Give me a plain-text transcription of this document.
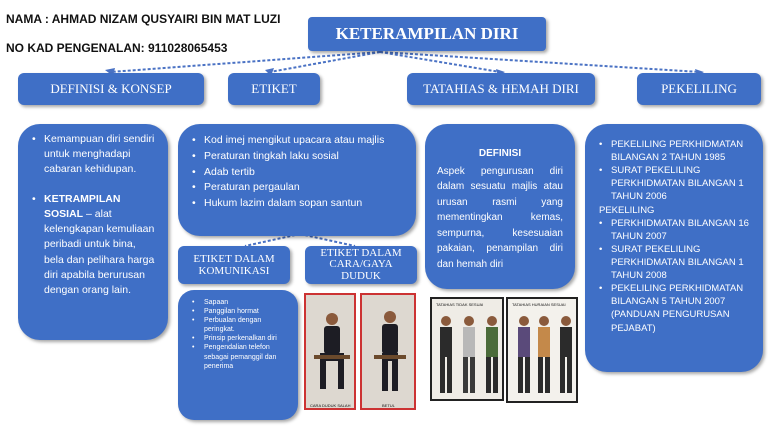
NAMA : AHMAD NIZAM QUSYAIRI BIN MAT LUZI
NO KAD PENGENALAN: 911028065453
KETERAMPILAN DIRI
DEFINISI & KONSEP	ETIKET	TATAHIAS & HEMAH DIRI	PEKELILING
• Kemampuan diri sendiri untuk menghadapi cabaran kehidupan.
• KETRAMPILAN SOSIAL – alat kelengkapan kemuliaan peribadi untuk bina, bela dan pelihara harga diri apabila berurusan dengan orang lain.
• Kod imej mengikut upacara atau majlis
• Peraturan tingkah laku sosial
• Adab tertib
• Peraturan pergaulan
• Hukum lazim dalam sopan santun
ETIKET DALAM KOMUNIKASI
ETIKET DALAM CARA/GAYA DUDUK
• Sapaan
• Panggilan hormat
• Perbualan dengan peringkat.
• Prinsip perkenalkan diri
• Pengendalian telefon sebagai pemanggil dan penerima
CARA DUDUK SALAH	BETUL
DEFINISI
Aspek pengurusan diri dalam sesuatu majlis atau urusan rasmi yang mementingkan kemas, sempurna, kesesuaian pakaian, penampilan diri dan hemah diri
TATAHIAS TIDAK SESUAI	TATAHIAS HURAIAN SESUAI
• PEKELILING PERKHIDMATAN BILANGAN 2 TAHUN 1985
• SURAT PEKELILING PERKHIDMATAN BILANGAN 1 TAHUN 2006
PEKELILING
• PERKHIDMATAN BILANGAN 16 TAHUN 2007
• SURAT PEKELILING PERKHIDMATAN BILANGAN 1 TAHUN 2008
• PEKELILING PERKHIDMATAN BILANGAN 5 TAHUN 2007 (PANDUAN PENGURUSAN PEJABAT)
